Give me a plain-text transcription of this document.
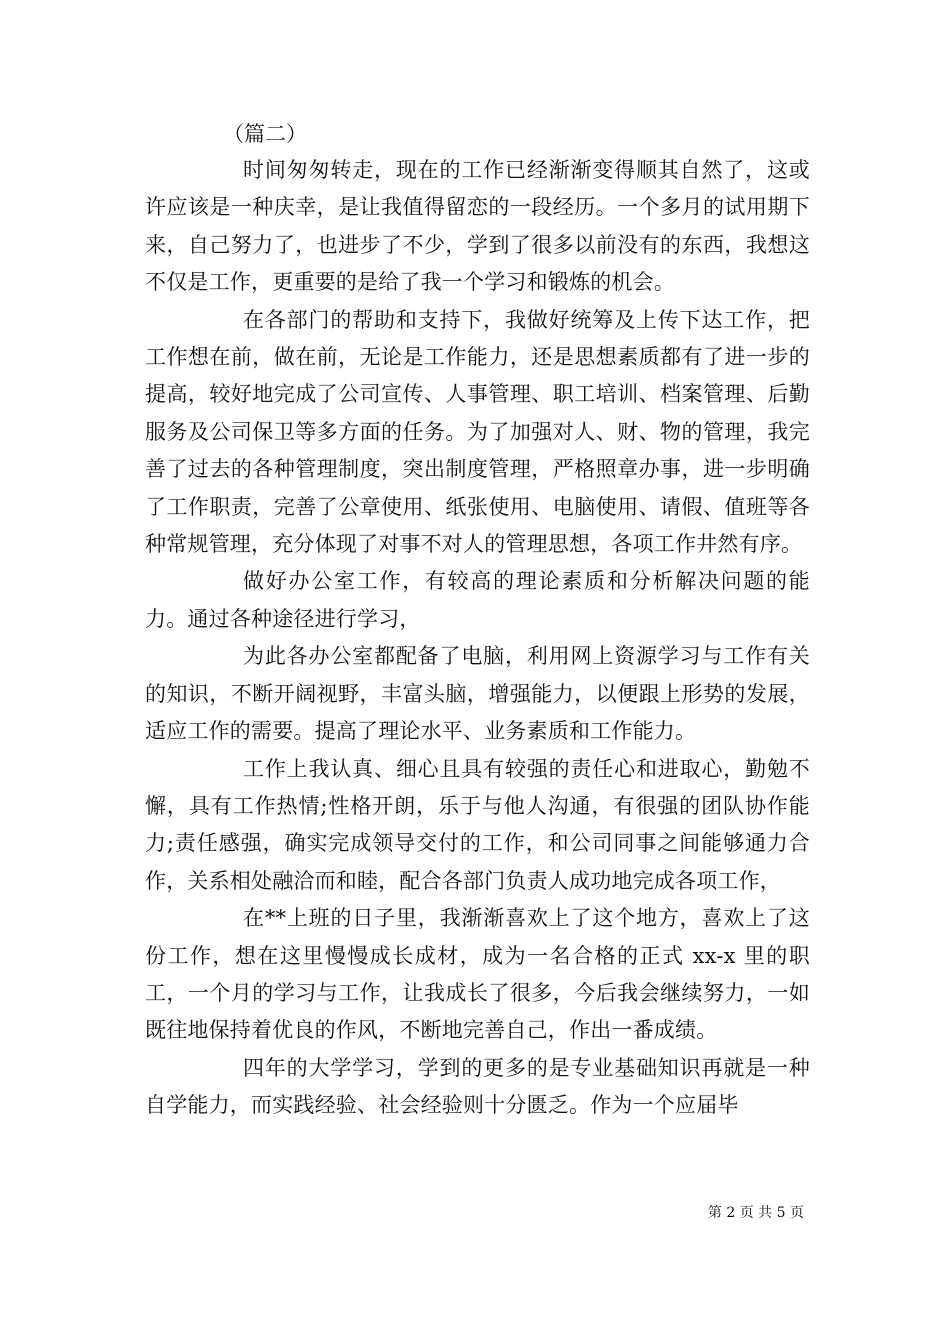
（篇二）

时间匆匆转走，现在的工作已经渐渐变得顺其自然了，这或许应该是一种庆幸，是让我值得留恋的一段经历。一个多月的试用期下来，自己努力了，也进步了不少，学到了很多以前没有的东西，我想这不仅是工作，更重要的是给了我一个学习和锻炼的机会。

在各部门的帮助和支持下，我做好统筹及上传下达工作，把工作想在前，做在前，无论是工作能力，还是思想素质都有了进一步的提高，较好地完成了公司宣传、人事管理、职工培训、档案管理、后勤服务及公司保卫等多方面的任务。为了加强对人、财、物的管理，我完善了过去的各种管理制度，突出制度管理，严格照章办事，进一步明确了工作职责，完善了公章使用、纸张使用、电脑使用、请假、值班等各种常规管理，充分体现了对事不对人的管理思想，各项工作井然有序。

做好办公室工作，有较高的理论素质和分析解决问题的能力。通过各种途径进行学习，

为此各办公室都配备了电脑，利用网上资源学习与工作有关的知识，不断开阔视野，丰富头脑，增强能力，以便跟上形势的发展，适应工作的需要。提高了理论水平、业务素质和工作能力。

工作上我认真、细心且具有较强的责任心和进取心，勤勉不懈，具有工作热情;性格开朗，乐于与他人沟通，有很强的团队协作能力;责任感强，确实完成领导交付的工作，和公司同事之间能够通力合作，关系相处融洽而和睦，配合各部门负责人成功地完成各项工作，

在**上班的日子里，我渐渐喜欢上了这个地方，喜欢上了这份工作，想在这里慢慢成长成材，成为一名合格的正式 xx-x 里的职工，一个月的学习与工作，让我成长了很多，今后我会继续努力，一如既往地保持着优良的作风，不断地完善自己，作出一番成绩。

四年的大学学习，学到的更多的是专业基础知识再就是一种自学能力，而实践经验、社会经验则十分匮乏。作为一个应届毕

第 2 页 共 5 页
